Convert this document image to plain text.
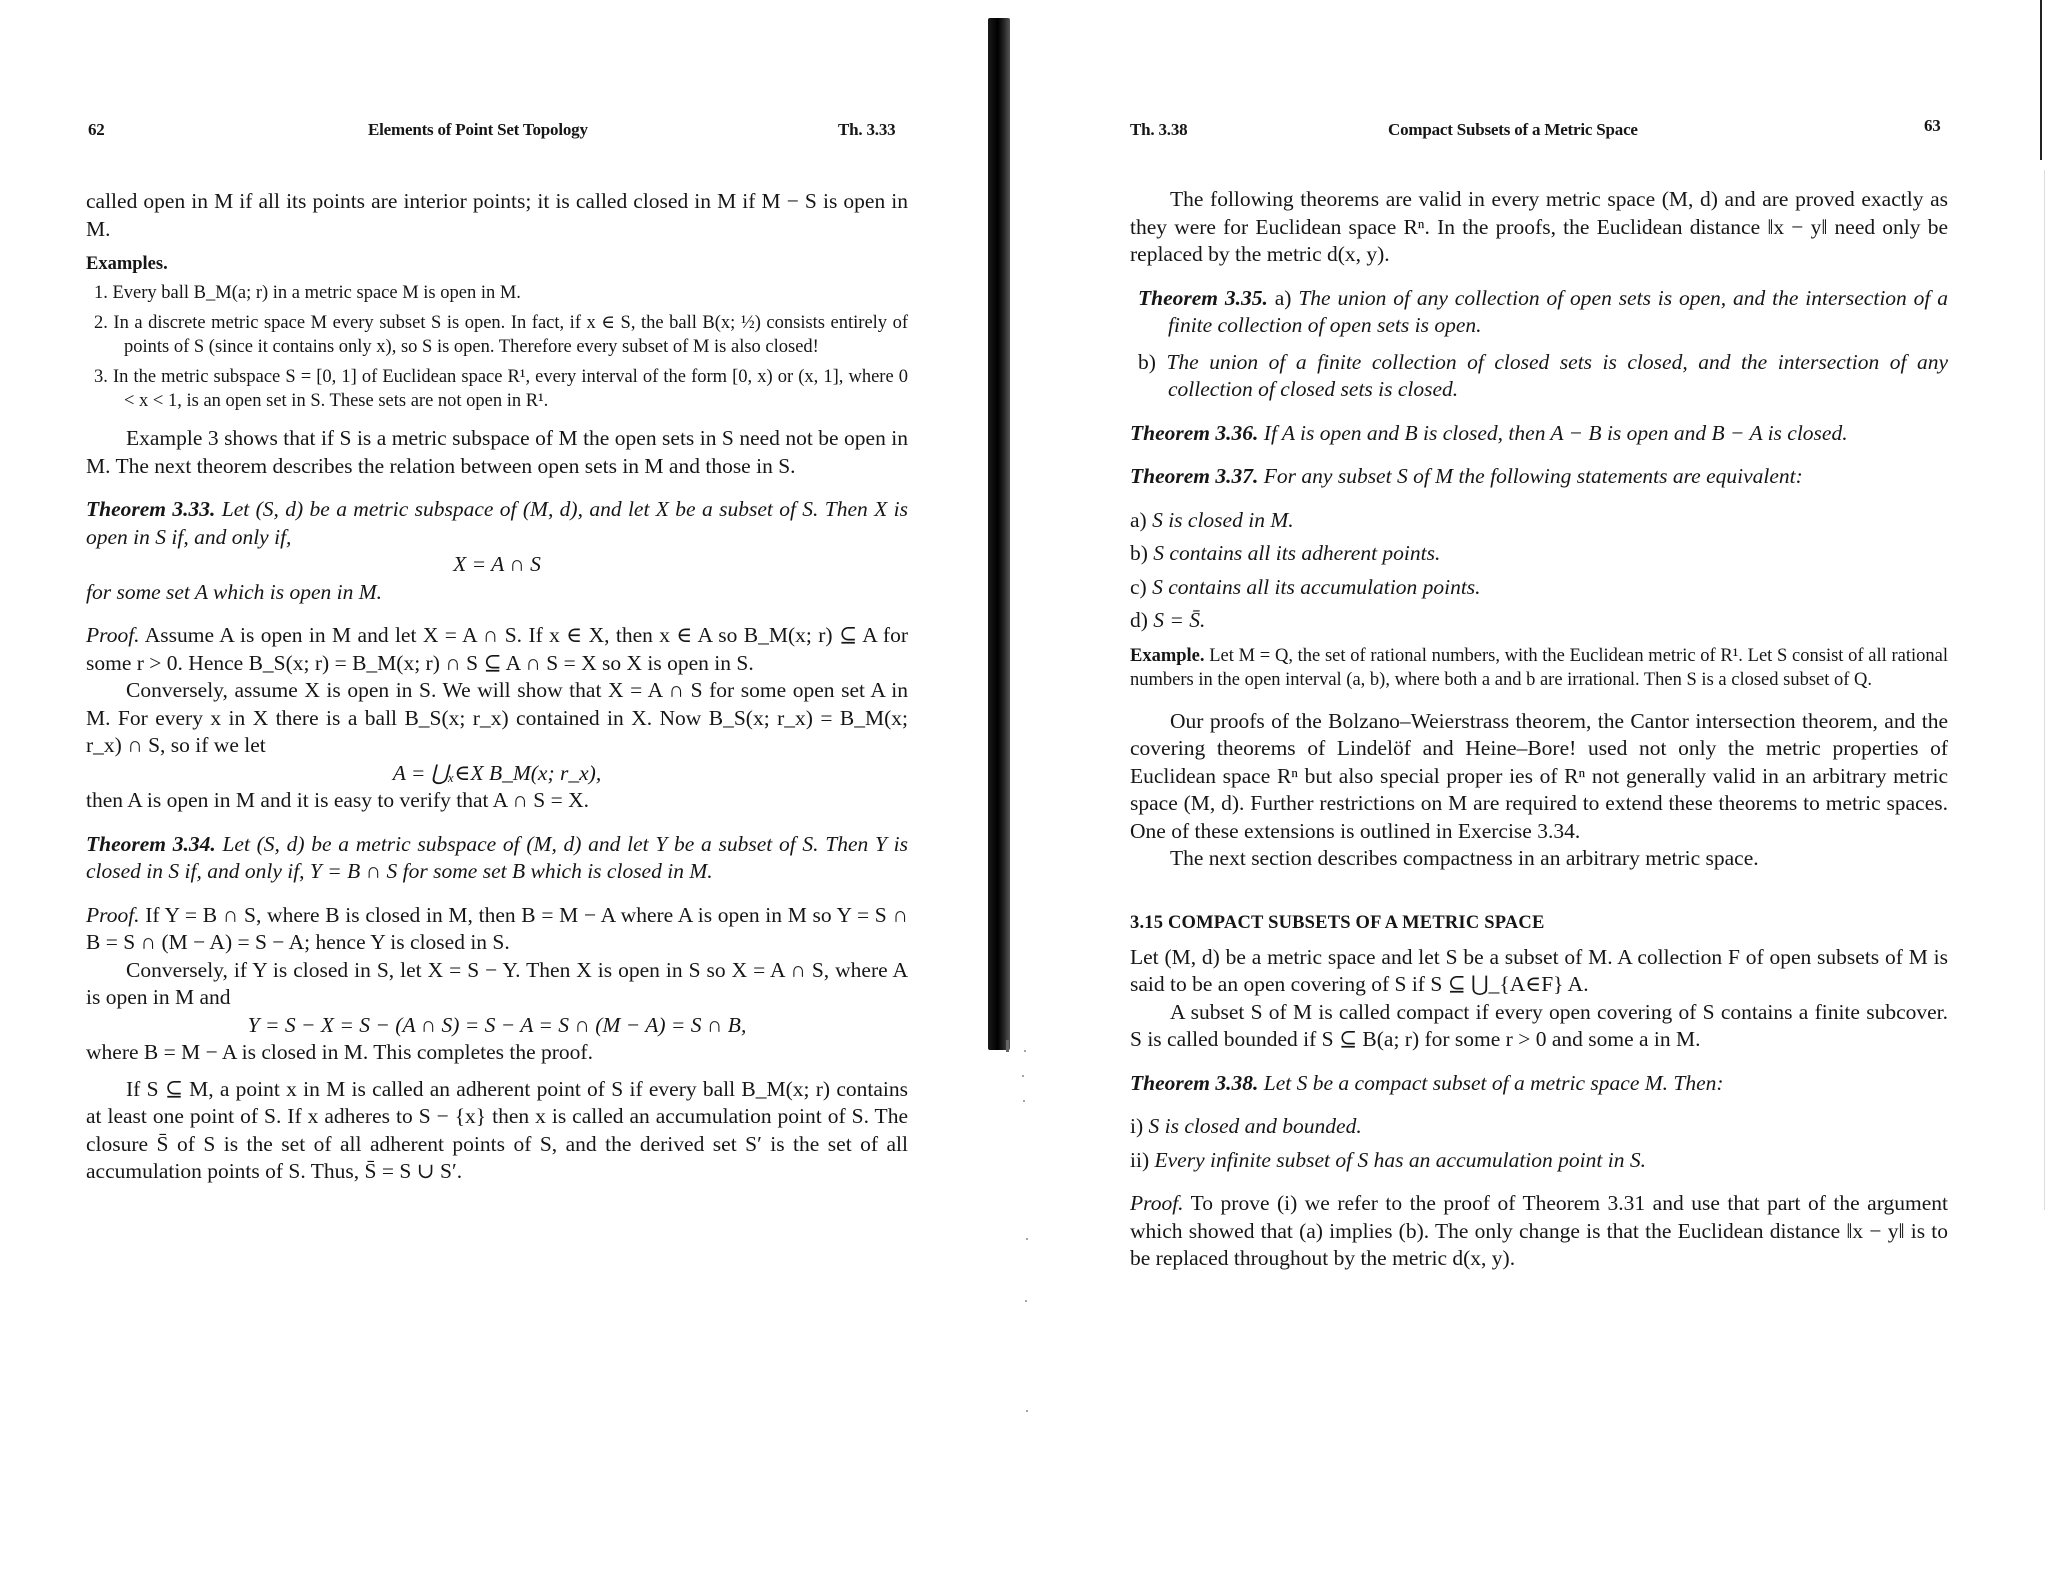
62	Elements of Point Set Topology	Th. 3.33

called open in M if all its points are interior points; it is called closed in M if M − S is open in M.

Examples.

1. Every ball B_M(a; r) in a metric space M is open in M.

2. In a discrete metric space M every subset S is open. In fact, if x ∈ S, the ball B(x; ½) consists entirely of points of S (since it contains only x), so S is open. Therefore every subset of M is also closed!

3. In the metric subspace S = [0, 1] of Euclidean space R¹, every interval of the form [0, x) or (x, 1], where 0 < x < 1, is an open set in S. These sets are not open in R¹.

Example 3 shows that if S is a metric subspace of M the open sets in S need not be open in M. The next theorem describes the relation between open sets in M and those in S.

Theorem 3.33. Let (S, d) be a metric subspace of (M, d), and let X be a subset of S. Then X is open in S if, and only if,

X = A ∩ S

for some set A which is open in M.

Proof. Assume A is open in M and let X = A ∩ S. If x ∈ X, then x ∈ A so B_M(x; r) ⊆ A for some r > 0. Hence B_S(x; r) = B_M(x; r) ∩ S ⊆ A ∩ S = X so X is open in S.

Conversely, assume X is open in S. We will show that X = A ∩ S for some open set A in M. For every x in X there is a ball B_S(x; r_x) contained in X. Now B_S(x; r_x) = B_M(x; r_x) ∩ S, so if we let

A = ⋃ₓ∈X B_M(x; r_x),

then A is open in M and it is easy to verify that A ∩ S = X.

Theorem 3.34. Let (S, d) be a metric subspace of (M, d) and let Y be a subset of S. Then Y is closed in S if, and only if, Y = B ∩ S for some set B which is closed in M.

Proof. If Y = B ∩ S, where B is closed in M, then B = M − A where A is open in M so Y = S ∩ B = S ∩ (M − A) = S − A; hence Y is closed in S.

Conversely, if Y is closed in S, let X = S − Y. Then X is open in S so X = A ∩ S, where A is open in M and

Y = S − X = S − (A ∩ S) = S − A = S ∩ (M − A) = S ∩ B,

where B = M − A is closed in M. This completes the proof.

If S ⊆ M, a point x in M is called an adherent point of S if every ball B_M(x; r) contains at least one point of S. If x adheres to S − {x} then x is called an accumulation point of S. The closure S̄ of S is the set of all adherent points of S, and the derived set S′ is the set of all accumulation points of S. Thus, S̄ = S ∪ S′.

Th. 3.38	Compact Subsets of a Metric Space	63

The following theorems are valid in every metric space (M, d) and are proved exactly as they were for Euclidean space Rⁿ. In the proofs, the Euclidean distance ‖x − y‖ need only be replaced by the metric d(x, y).

Theorem 3.35. a) The union of any collection of open sets is open, and the intersection of a finite collection of open sets is open.

b) The union of a finite collection of closed sets is closed, and the intersection of any collection of closed sets is closed.

Theorem 3.36. If A is open and B is closed, then A − B is open and B − A is closed.

Theorem 3.37. For any subset S of M the following statements are equivalent:

a) S is closed in M.

b) S contains all its adherent points.

c) S contains all its accumulation points.

d) S = S̄.

Example. Let M = Q, the set of rational numbers, with the Euclidean metric of R¹. Let S consist of all rational numbers in the open interval (a, b), where both a and b are irrational. Then S is a closed subset of Q.

Our proofs of the Bolzano–Weierstrass theorem, the Cantor intersection theorem, and the covering theorems of Lindelöf and Heine–Bore! used not only the metric properties of Euclidean space Rⁿ but also special proper ies of Rⁿ not generally valid in an arbitrary metric space (M, d). Further restrictions on M are required to extend these theorems to metric spaces. One of these extensions is outlined in Exercise 3.34.

The next section describes compactness in an arbitrary metric space.

3.15 COMPACT SUBSETS OF A METRIC SPACE

Let (M, d) be a metric space and let S be a subset of M. A collection F of open subsets of M is said to be an open covering of S if S ⊆ ⋃_{A∈F} A.

A subset S of M is called compact if every open covering of S contains a finite subcover. S is called bounded if S ⊆ B(a; r) for some r > 0 and some a in M.

Theorem 3.38. Let S be a compact subset of a metric space M. Then:

i) S is closed and bounded.

ii) Every infinite subset of S has an accumulation point in S.

Proof. To prove (i) we refer to the proof of Theorem 3.31 and use that part of the argument which showed that (a) implies (b). The only change is that the Euclidean distance ‖x − y‖ is to be replaced throughout by the metric d(x, y).
